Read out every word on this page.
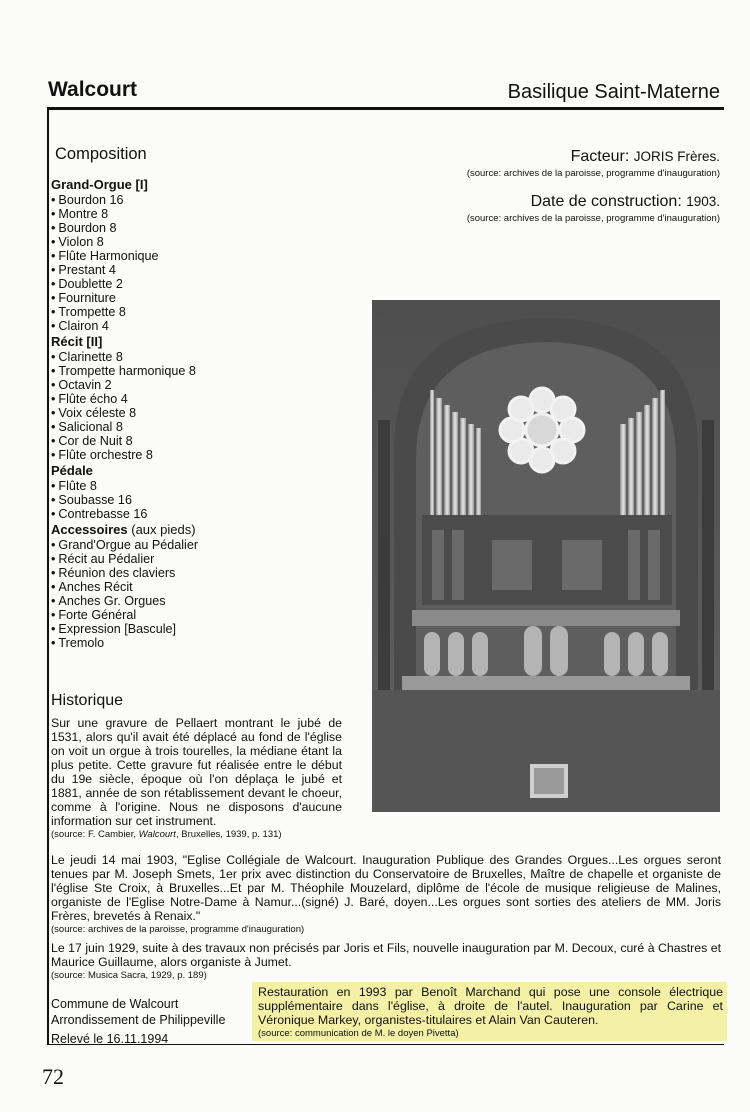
Walcourt	Basilique Saint-Materne
Composition
Grand-Orgue [I]
• Bourdon 16
• Montre 8
• Bourdon 8
• Violon 8
• Flûte Harmonique
• Prestant 4
• Doublette 2
• Fourniture
• Trompette 8
• Clairon 4
Récit [II]
• Clarinette 8
• Trompette harmonique 8
• Octavin 2
• Flûte écho 4
• Voix céleste 8
• Salicional 8
• Cor de Nuit 8
• Flûte orchestre 8
Pédale
• Flûte 8
• Soubasse 16
• Contrebasse 16
Accessoires (aux pieds)
• Grand'Orgue au Pédalier
• Récit au Pédalier
• Réunion des claviers
• Anches Récit
• Anches Gr. Orgues
• Forte Général
• Expression [Bascule]
• Tremolo
Facteur: JORIS Frères.
(source: archives de la paroisse, programme d'inauguration)
Date de construction: 1903.
(source: archives de la paroisse, programme d'inauguration)
Historique
Sur une gravure de Pellaert montrant le jubé de 1531, alors qu'il avait été déplacé au fond de l'église on voit un orgue à trois tourelles, la médiane étant la plus petite. Cette gravure fut réalisée entre le début du 19e siècle, époque où l'on déplaça le jubé et 1881, année de son rétablissement devant le choeur, comme à l'origine. Nous ne disposons d'aucune information sur cet instrument.
(source: F. Cambier, Walcourt, Bruxelles, 1939, p. 131)
Le jeudi 14 mai 1903, "Eglise Collégiale de Walcourt. Inauguration Publique des Grandes Orgues...Les orgues seront tenues par M. Joseph Smets, 1er prix avec distinction du Conservatoire de Bruxelles, Maître de chapelle et organiste de l'église Ste Croix, à Bruxelles...Et par M. Théophile Mouzelard, diplôme de l'école de musique religieuse de Malines, organiste de l'Eglise Notre-Dame à Namur...(signé) J. Baré, doyen...Les orgues sont sorties des ateliers de MM. Joris Frères, brevetés à Renaix."
(source: archives de la paroisse, programme d'inauguration)
Le 17 juin 1929, suite à des travaux non précisés par Joris et Fils, nouvelle inauguration par M. Decoux, curé à Chastres et Maurice Guillaume, alors organiste à Jumet.
(source: Musica Sacra, 1929, p. 189)
Commune de Walcourt
Arrondissement de Philippeville
Relevé le 16.11.1994
Restauration en 1993 par Benoît Marchand qui pose une console électrique supplémentaire dans l'église, à droite de l'autel. Inauguration par Carine et Véronique Markey, organistes-titulaires et Alain Van Cauteren.
(source: communication de M. le doyen Pivetta)
72
